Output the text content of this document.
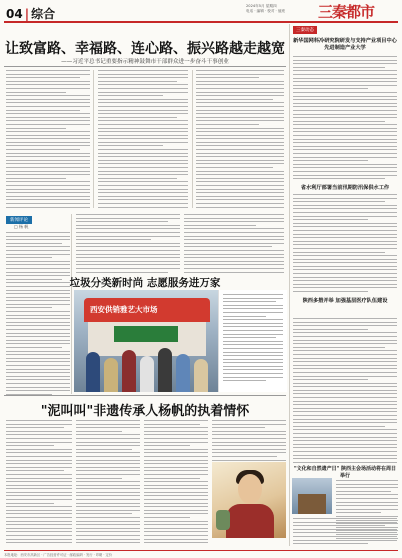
04 | 综合
2024年5月 星期四
电话 · 编辑 · 校对 · 值班	三秦都市
让致富路、幸福路、连心路、振兴路越走越宽
——习近平总书记重要指示精神鼓舞市干部群众进一步奋斗干事创业
新闻评论
□ 杨 帆
垃圾分类新时尚 志愿服务进万家
西安供销雅艺大市场
"泥叫叫"非遗传承人杨帆的执着情怀
三秦动态
新华国网科冷研究院研发与支持产业项目中心先进制造产业大学
省水利厅部署当前汛期防汛保供水工作
陕西多措并举 加强基层医疗队伍建设
"文化和自然遗产日" 陕西主会场活动将在周日举行
本报地址：西安市高新区 · 广告经营许可证 · 邮政编码 · 发行 · 印刷 · 定价
